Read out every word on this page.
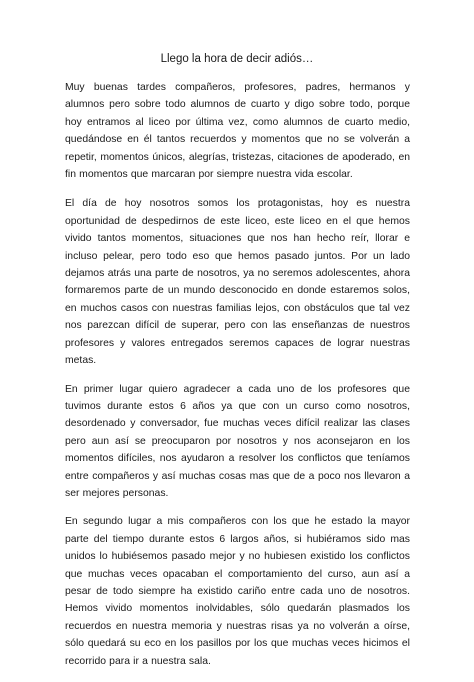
Llego la hora de decir adiós…

Muy buenas tardes compañeros, profesores, padres, hermanos y alumnos pero sobre todo alumnos de cuarto y digo sobre todo, porque hoy entramos al liceo por última vez, como alumnos de cuarto medio, quedándose en él tantos recuerdos y momentos que no se volverán a repetir, momentos únicos, alegrías, tristezas, citaciones de apoderado, en fin momentos que marcaran por siempre nuestra vida escolar.

El día de hoy nosotros somos los protagonistas, hoy es nuestra oportunidad de despedirnos de este liceo, este liceo en el que hemos vivido tantos momentos, situaciones que nos han hecho reír, llorar e incluso pelear, pero todo eso que hemos pasado juntos. Por un lado dejamos atrás una parte de nosotros, ya no seremos adolescentes, ahora formaremos parte de un mundo desconocido en donde estaremos solos, en muchos casos con nuestras familias lejos, con obstáculos que tal vez nos parezcan difícil de superar, pero con las enseñanzas de nuestros profesores y valores entregados seremos capaces de lograr nuestras metas.

En primer lugar quiero agradecer a cada uno de los profesores que tuvimos durante estos 6 años ya que con un curso como nosotros, desordenado y conversador, fue muchas veces difícil realizar las clases pero aun así se preocuparon por nosotros y nos aconsejaron en los momentos difíciles, nos ayudaron a resolver los conflictos que teníamos entre compañeros y así muchas cosas mas que de a poco nos llevaron a ser mejores personas.

En segundo lugar a mis compañeros con los que he estado la mayor parte del tiempo durante estos 6 largos años, si hubiéramos sido mas unidos lo hubiésemos pasado mejor y no hubiesen existido los conflictos que muchas veces opacaban el comportamiento del curso, aun así a pesar de todo siempre ha existido cariño entre cada uno de nosotros. Hemos vivido momentos inolvidables, sólo quedarán plasmados los recuerdos en nuestra memoria y nuestras risas ya no volverán a oírse, sólo quedará su eco en los pasillos por los que muchas veces hicimos el recorrido para ir a nuestra sala.
